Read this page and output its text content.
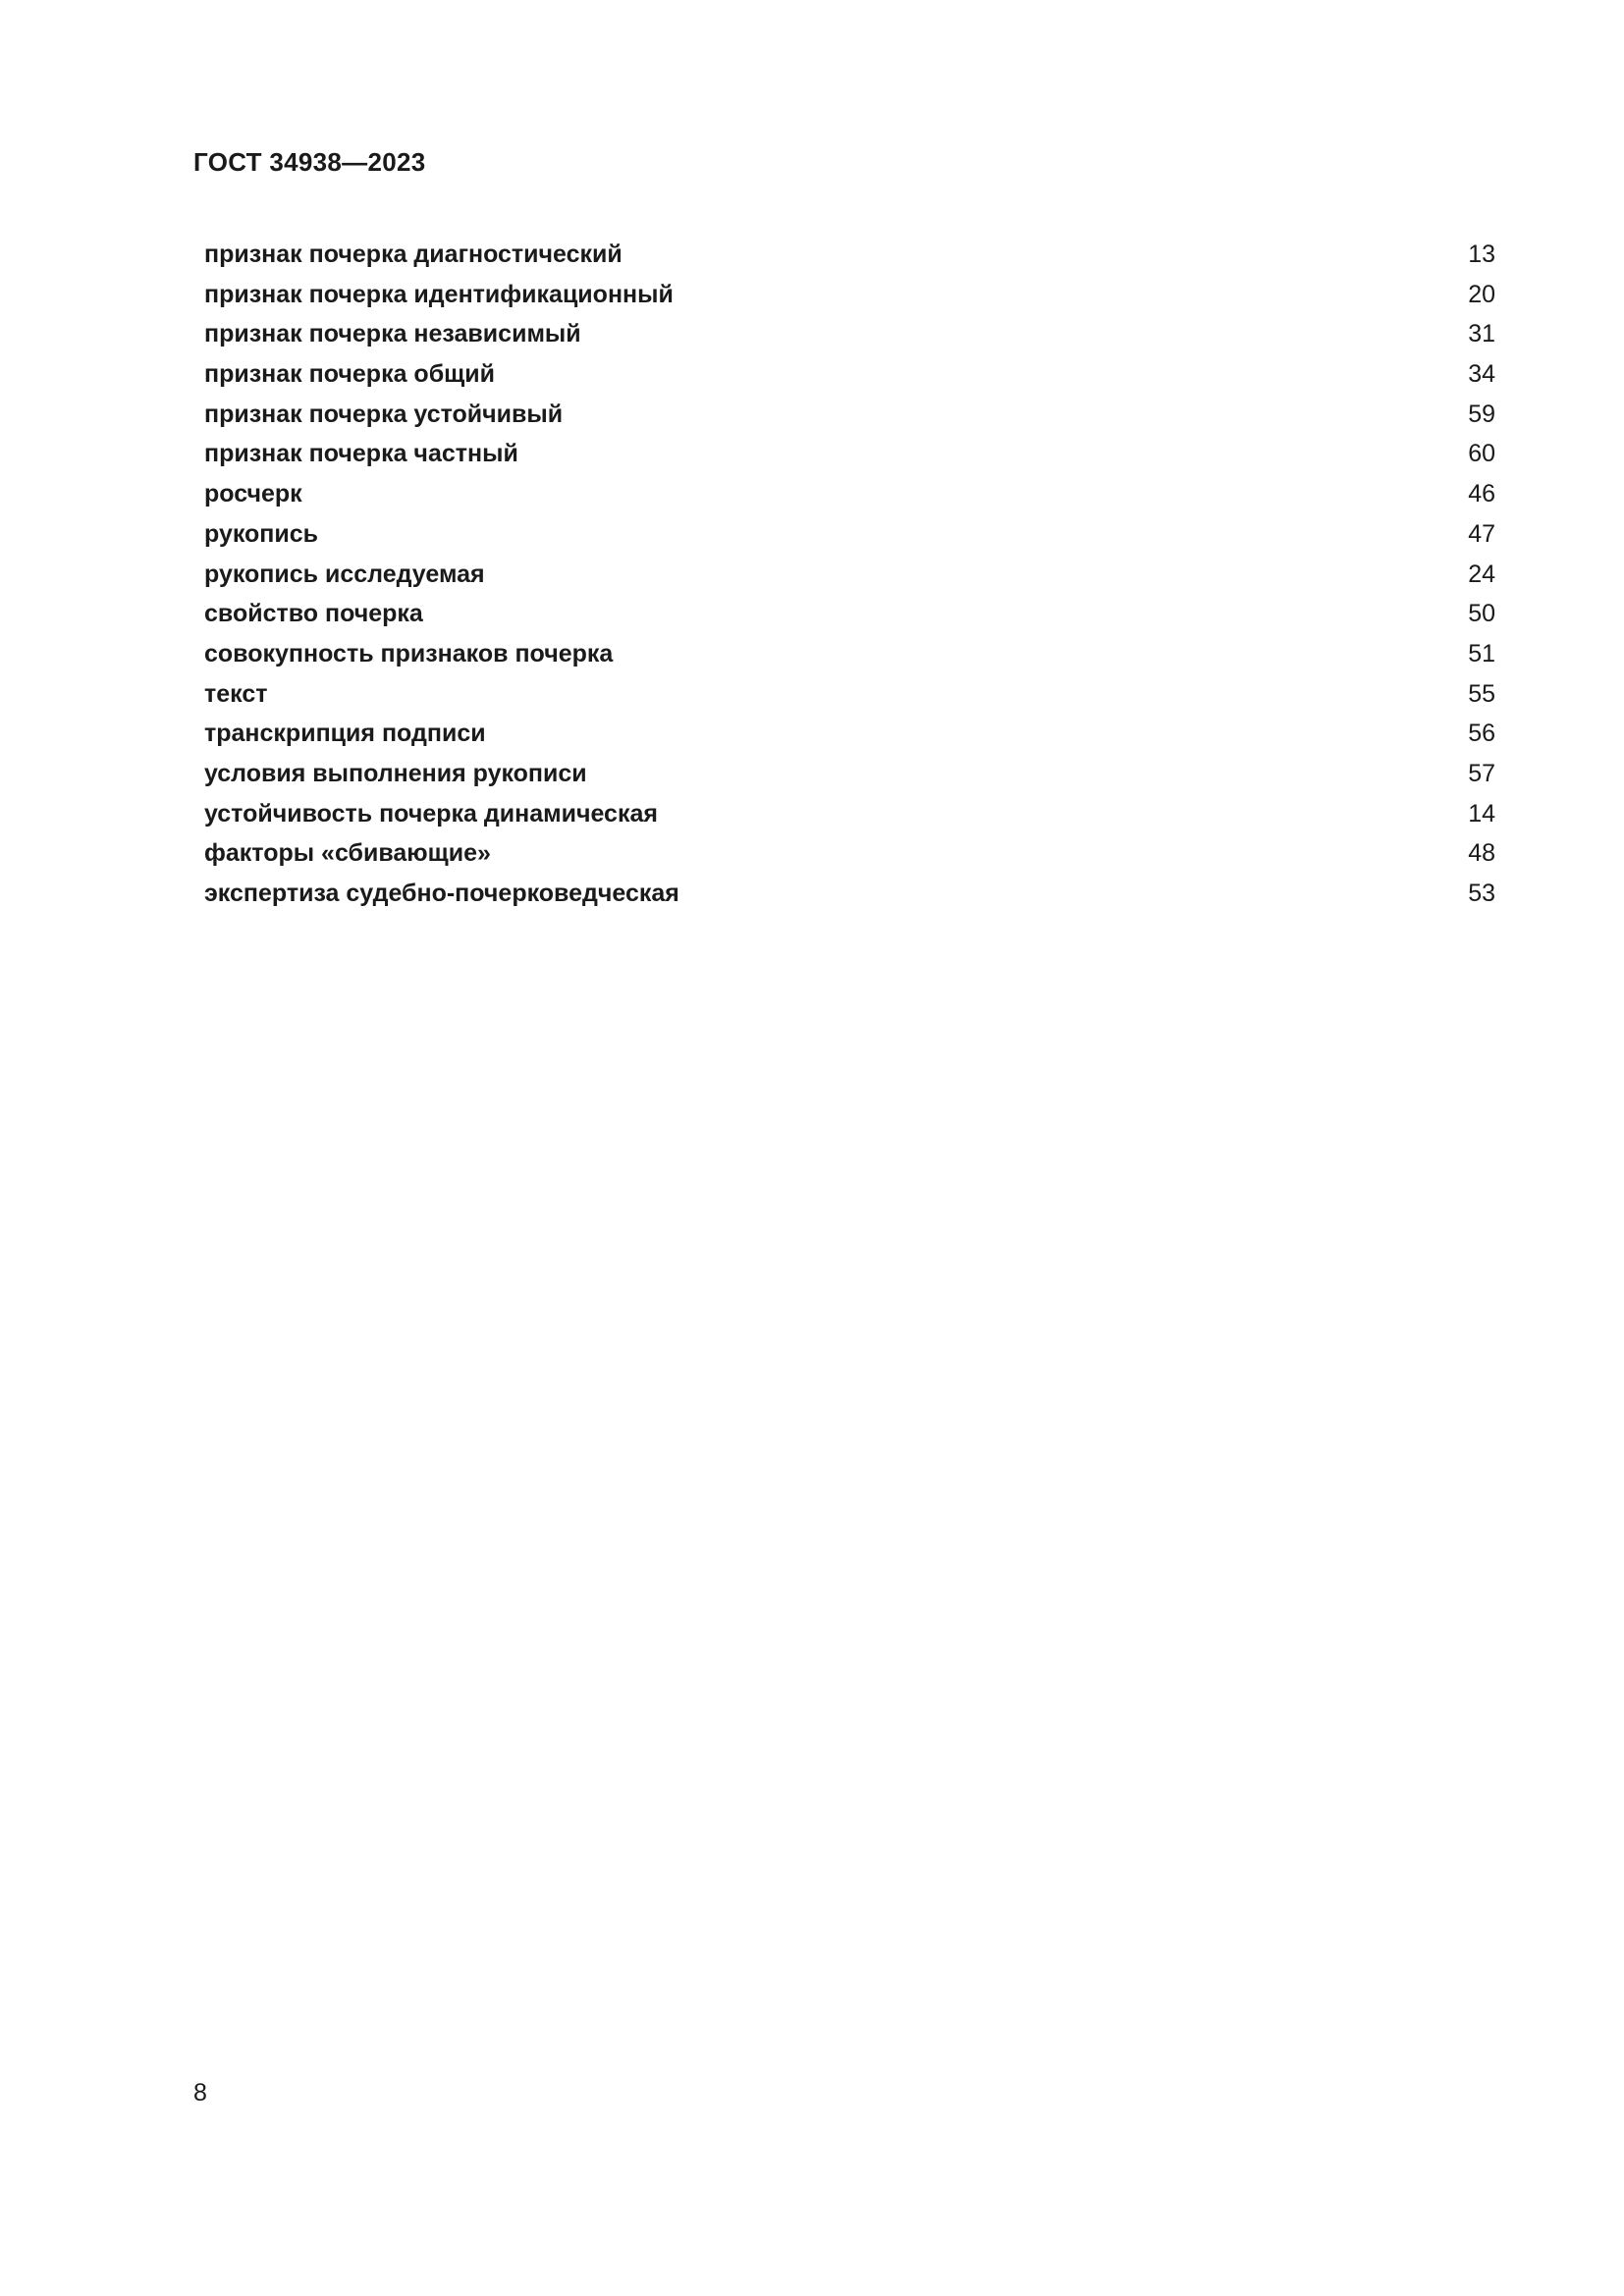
ГОСТ 34938—2023
признак почерка диагностический	13
признак почерка идентификационный	20
признак почерка независимый	31
признак почерка общий	34
признак почерка устойчивый	59
признак почерка частный	60
росчерк	46
рукопись	47
рукопись исследуемая	24
свойство почерка	50
совокупность признаков почерка	51
текст	55
транскрипция подписи	56
условия выполнения рукописи	57
устойчивость почерка динамическая	14
факторы «сбивающие»	48
экспертиза судебно-почерковедческая	53
8
